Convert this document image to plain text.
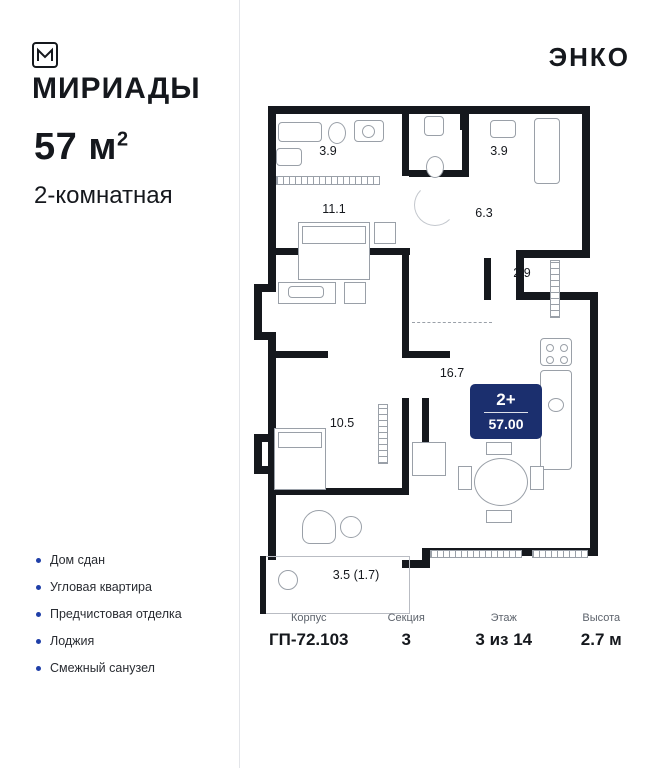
МИРИАДЫ
57 $м^2$
2-комнатная
Дом сдан
Угловая квартира
Предчистовая отделка
Лоджия
Смежный санузел
ЭНКО
3.9	3.9
11.1	6.3
2.9
16.7
2+
57.00
10.5
3.5 (1.7)
Корпус
ГП-72.103
Секция
3
Этаж
3 из 14
Высота
2.7 м
